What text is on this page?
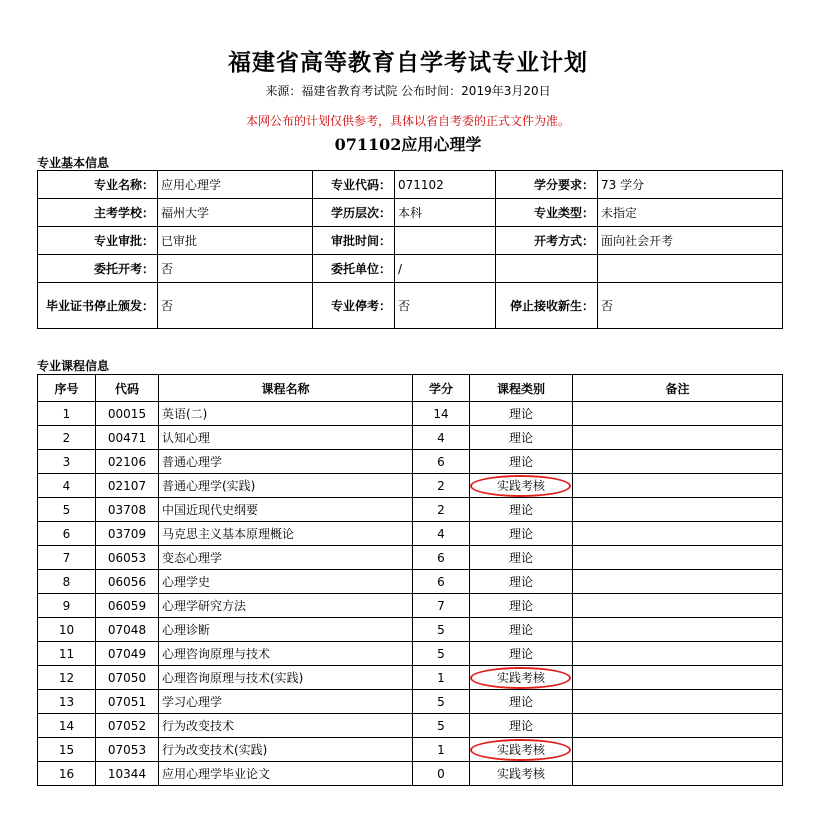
福建省高等教育自学考试专业计划
来源：福建省教育考试院 公布时间：2019年3月20日
本网公布的计划仅供参考，具体以省自考委的正式文件为准。
071102应用心理学
专业基本信息
专业名称：	应用心理学	专业代码：	071102	学分要求：	73 学分
主考学校：	福州大学	学历层次：	本科	专业类型：	未指定
专业审批：	已审批	审批时间：		开考方式：	面向社会开考
委托开考：	否	委托单位：	/		
毕业证书停止颁发：	否	专业停考：	否	停止接收新生：	否
专业课程信息
序号	代码	课程名称	学分	课程类别	备注
1	00015	英语(二)	14	理论	
2	00471	认知心理	4	理论	
3	02106	普通心理学	6	理论	
4	02107	普通心理学(实践)	2	实践考核	
5	03708	中国近现代史纲要	2	理论	
6	03709	马克思主义基本原理概论	4	理论	
7	06053	变态心理学	6	理论	
8	06056	心理学史	6	理论	
9	06059	心理学研究方法	7	理论	
10	07048	心理诊断	5	理论	
11	07049	心理咨询原理与技术	5	理论	
12	07050	心理咨询原理与技术(实践)	1	实践考核	
13	07051	学习心理学	5	理论	
14	07052	行为改变技术	5	理论	
15	07053	行为改变技术(实践)	1	实践考核	
16	10344	应用心理学毕业论文	0	实践考核	
